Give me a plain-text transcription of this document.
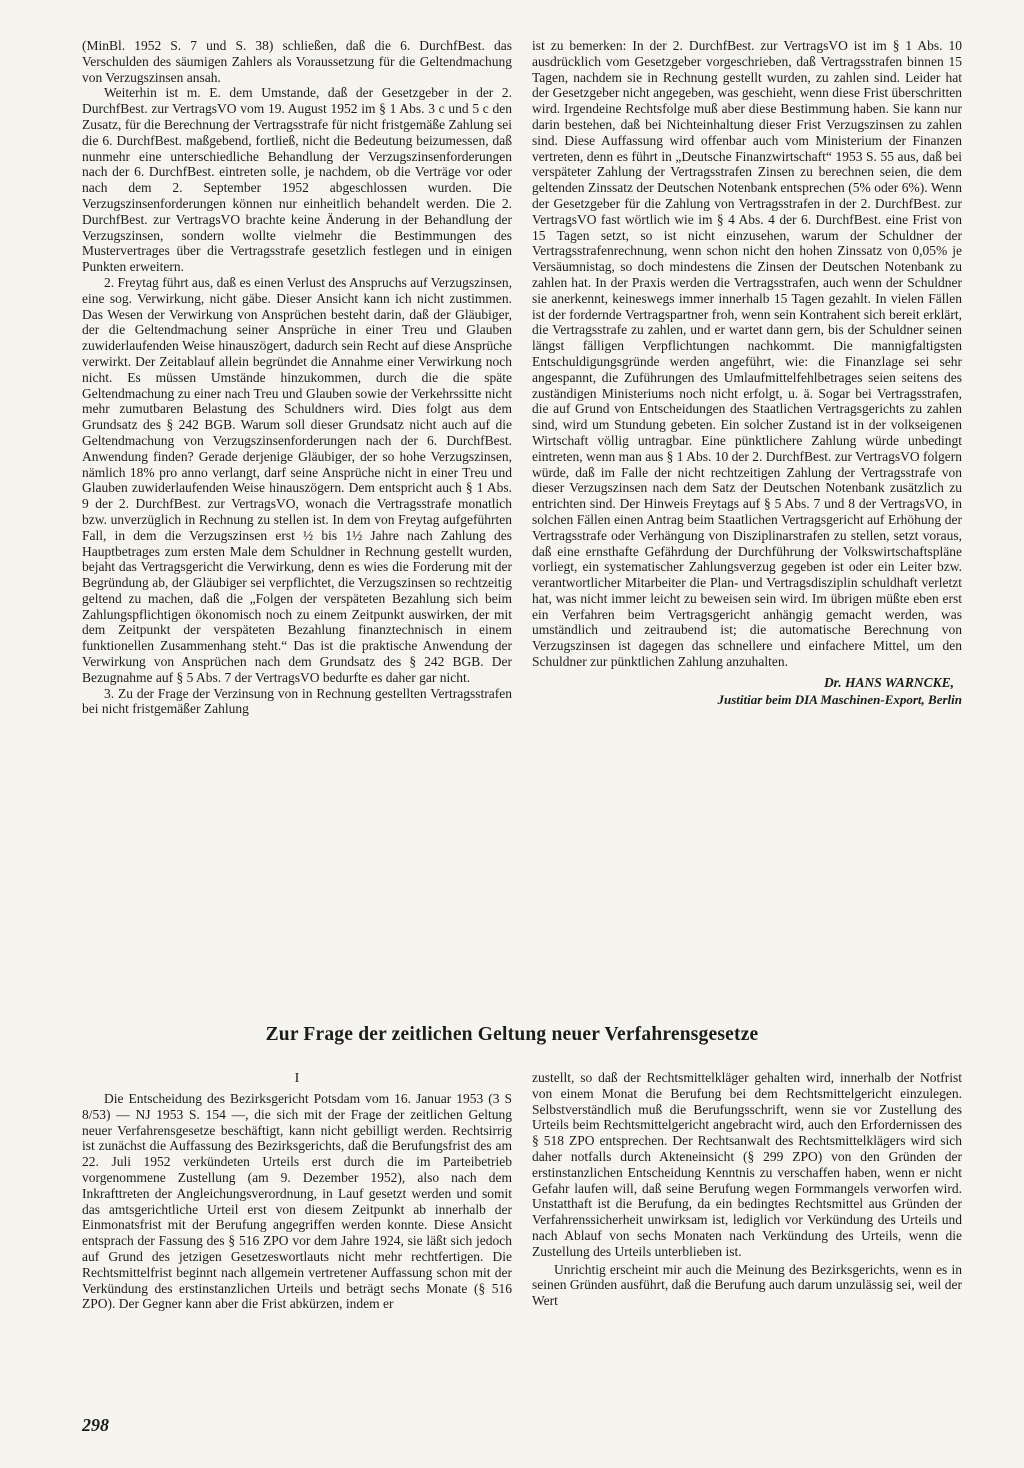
(MinBl. 1952 S. 7 und S. 38) schließen, daß die 6. DurchfBest. das Verschulden des säumigen Zahlers als Voraussetzung für die Geltendmachung von Verzugszinsen ansah.

Weiterhin ist m. E. dem Umstande, daß der Gesetzgeber in der 2. DurchfBest. zur VertragsVO vom 19. August 1952 im § 1 Abs. 3 c und 5 c den Zusatz, für die Berechnung der Vertragsstrafe für nicht fristgemäße Zahlung sei die 6. DurchfBest. maßgebend, fortließ, nicht die Bedeutung beizumessen, daß nunmehr eine unterschiedliche Behandlung der Verzugszinsenforderungen nach der 6. DurchfBest. eintreten solle, je nachdem, ob die Verträge vor oder nach dem 2. September 1952 abgeschlossen wurden. Die Verzugszinsenforderungen können nur einheitlich behandelt werden. Die 2. DurchfBest. zur VertragsVO brachte keine Änderung in der Behandlung der Verzugszinsen, sondern wollte vielmehr die Bestimmungen des Mustervertrages über die Vertragsstrafe gesetzlich festlegen und in einigen Punkten erweitern.

2. Freytag führt aus, daß es einen Verlust des Anspruchs auf Verzugszinsen, eine sog. Verwirkung, nicht gäbe. Dieser Ansicht kann ich nicht zustimmen. Das Wesen der Verwirkung von Ansprüchen besteht darin, daß der Gläubiger, der die Geltendmachung seiner Ansprüche in einer Treu und Glauben zuwiderlaufenden Weise hinauszögert, dadurch sein Recht auf diese Ansprüche verwirkt. Der Zeitablauf allein begründet die Annahme einer Verwirkung noch nicht. Es müssen Umstände hinzukommen, durch die die späte Geltendmachung zu einer nach Treu und Glauben sowie der Verkehrssitte nicht mehr zumutbaren Belastung des Schuldners wird. Dies folgt aus dem Grundsatz des § 242 BGB. Warum soll dieser Grundsatz nicht auch auf die Geltendmachung von Verzugszinsenforderungen nach der 6. DurchfBest. Anwendung finden? Gerade derjenige Gläubiger, der so hohe Verzugszinsen, nämlich 18% pro anno verlangt, darf seine Ansprüche nicht in einer Treu und Glauben zuwiderlaufenden Weise hinauszögern. Dem entspricht auch § 1 Abs. 9 der 2. DurchfBest. zur VertragsVO, wonach die Vertragsstrafe monatlich bzw. unverzüglich in Rechnung zu stellen ist. In dem von Freytag aufgeführten Fall, in dem die Verzugszinsen erst ½ bis 1½ Jahre nach Zahlung des Hauptbetrages zum ersten Male dem Schuldner in Rechnung gestellt wurden, bejaht das Vertragsgericht die Verwirkung, denn es wies die Forderung mit der Begründung ab, der Gläubiger sei verpflichtet, die Verzugszinsen so rechtzeitig geltend zu machen, daß die „Folgen der verspäteten Bezahlung sich beim Zahlungspflichtigen ökonomisch noch zu einem Zeitpunkt auswirken, der mit dem Zeitpunkt der verspäteten Bezahlung finanztechnisch in einem funktionellen Zusammenhang steht.“ Das ist die praktische Anwendung der Verwirkung von Ansprüchen nach dem Grundsatz des § 242 BGB. Der Bezugnahme auf § 5 Abs. 7 der VertragsVO bedurfte es daher gar nicht.

3. Zu der Frage der Verzinsung von in Rechnung gestellten Vertragsstrafen bei nicht fristgemäßer Zahlung

ist zu bemerken: In der 2. DurchfBest. zur VertragsVO ist im § 1 Abs. 10 ausdrücklich vom Gesetzgeber vorgeschrieben, daß Vertragsstrafen binnen 15 Tagen, nachdem sie in Rechnung gestellt wurden, zu zahlen sind. Leider hat der Gesetzgeber nicht angegeben, was geschieht, wenn diese Frist überschritten wird. Irgendeine Rechtsfolge muß aber diese Bestimmung haben. Sie kann nur darin bestehen, daß bei Nichteinhaltung dieser Frist Verzugszinsen zu zahlen sind. Diese Auffassung wird offenbar auch vom Ministerium der Finanzen vertreten, denn es führt in „Deutsche Finanzwirtschaft“ 1953 S. 55 aus, daß bei verspäteter Zahlung der Vertragsstrafen Zinsen zu berechnen seien, die dem geltenden Zinssatz der Deutschen Notenbank entsprechen (5% oder 6%). Wenn der Gesetzgeber für die Zahlung von Vertragsstrafen in der 2. DurchfBest. zur VertragsVO fast wörtlich wie im § 4 Abs. 4 der 6. DurchfBest. eine Frist von 15 Tagen setzt, so ist nicht einzusehen, warum der Schuldner der Vertragsstrafenrechnung, wenn schon nicht den hohen Zinssatz von 0,05% je Versäumnistag, so doch mindestens die Zinsen der Deutschen Notenbank zu zahlen hat. In der Praxis werden die Vertragsstrafen, auch wenn der Schuldner sie anerkennt, keineswegs immer innerhalb 15 Tagen gezahlt. In vielen Fällen ist der fordernde Vertragspartner froh, wenn sein Kontrahent sich bereit erklärt, die Vertragsstrafe zu zahlen, und er wartet dann gern, bis der Schuldner seinen längst fälligen Verpflichtungen nachkommt. Die mannigfaltigsten Entschuldigungsgründe werden angeführt, wie: die Finanzlage sei sehr angespannt, die Zuführungen des Umlaufmittelfehlbetrages seien seitens des zuständigen Ministeriums noch nicht erfolgt, u. ä. Sogar bei Vertragsstrafen, die auf Grund von Entscheidungen des Staatlichen Vertragsgerichts zu zahlen sind, wird um Stundung gebeten. Ein solcher Zustand ist in der volkseigenen Wirtschaft völlig untragbar. Eine pünktlichere Zahlung würde unbedingt eintreten, wenn man aus § 1 Abs. 10 der 2. DurchfBest. zur VertragsVO folgern würde, daß im Falle der nicht rechtzeitigen Zahlung der Vertragsstrafe von dieser Verzugszinsen nach dem Satz der Deutschen Notenbank zusätzlich zu entrichten sind. Der Hinweis Freytags auf § 5 Abs. 7 und 8 der VertragsVO, in solchen Fällen einen Antrag beim Staatlichen Vertragsgericht auf Erhöhung der Vertragsstrafe oder Verhängung von Disziplinarstrafen zu stellen, setzt voraus, daß eine ernsthafte Gefährdung der Durchführung der Volkswirtschaftspläne vorliegt, ein systematischer Zahlungsverzug gegeben ist oder ein Leiter bzw. verantwortlicher Mitarbeiter die Plan- und Vertragsdisziplin schuldhaft verletzt hat, was nicht immer leicht zu beweisen sein wird. Im übrigen müßte eben erst ein Verfahren beim Vertragsgericht anhängig gemacht werden, was umständlich und zeitraubend ist; die automatische Berechnung von Verzugszinsen ist dagegen das schnellere und einfachere Mittel, um den Schuldner zur pünktlichen Zahlung anzuhalten.

Dr. HANS WARNCKE,
Justitiar beim DIA Maschinen-Export, Berlin
Zur Frage der zeitlichen Geltung neuer Verfahrensgesetze
I

Die Entscheidung des Bezirksgericht Potsdam vom 16. Januar 1953 (3 S 8/53) — NJ 1953 S. 154 —, die sich mit der Frage der zeitlichen Geltung neuer Verfahrensgesetze beschäftigt, kann nicht gebilligt werden. Rechtsirrig ist zunächst die Auffassung des Bezirksgerichts, daß die Berufungsfrist des am 22. Juli 1952 verkündeten Urteils erst durch die im Parteibetrieb vorgenommene Zustellung (am 9. Dezember 1952), also nach dem Inkrafttreten der Angleichungsverordnung, in Lauf gesetzt werden und somit das amtsgerichtliche Urteil erst von diesem Zeitpunkt ab innerhalb der Einmonatsfrist mit der Berufung angegriffen werden konnte. Diese Ansicht entsprach der Fassung des § 516 ZPO vor dem Jahre 1924, sie läßt sich jedoch auf Grund des jetzigen Gesetzeswortlauts nicht mehr rechtfertigen. Die Rechtsmittelfrist beginnt nach allgemein vertretener Auffassung schon mit der Verkündung des erstinstanzlichen Urteils und beträgt sechs Monate (§ 516 ZPO). Der Gegner kann aber die Frist abkürzen, indem er

zustellt, so daß der Rechtsmittelkläger gehalten wird, innerhalb der Notfrist von einem Monat die Berufung bei dem Rechtsmittelgericht einzulegen. Selbstverständlich muß die Berufungsschrift, wenn sie vor Zustellung des Urteils beim Rechtsmittelgericht angebracht wird, auch den Erfordernissen des § 518 ZPO entsprechen. Der Rechtsanwalt des Rechtsmittelklägers wird sich daher notfalls durch Akteneinsicht (§ 299 ZPO) von den Gründen der erstinstanzlichen Entscheidung Kenntnis zu verschaffen haben, wenn er nicht Gefahr laufen will, daß seine Berufung wegen Formmangels verworfen wird. Unstatthaft ist die Berufung, da ein bedingtes Rechtsmittel aus Gründen der Verfahrenssicherheit unwirksam ist, lediglich vor Verkündung des Urteils und nach Ablauf von sechs Monaten nach Verkündung des Urteils, wenn die Zustellung des Urteils unterblieben ist.

Unrichtig erscheint mir auch die Meinung des Bezirksgerichts, wenn es in seinen Gründen ausführt, daß die Berufung auch darum unzulässig sei, weil der Wert

298
